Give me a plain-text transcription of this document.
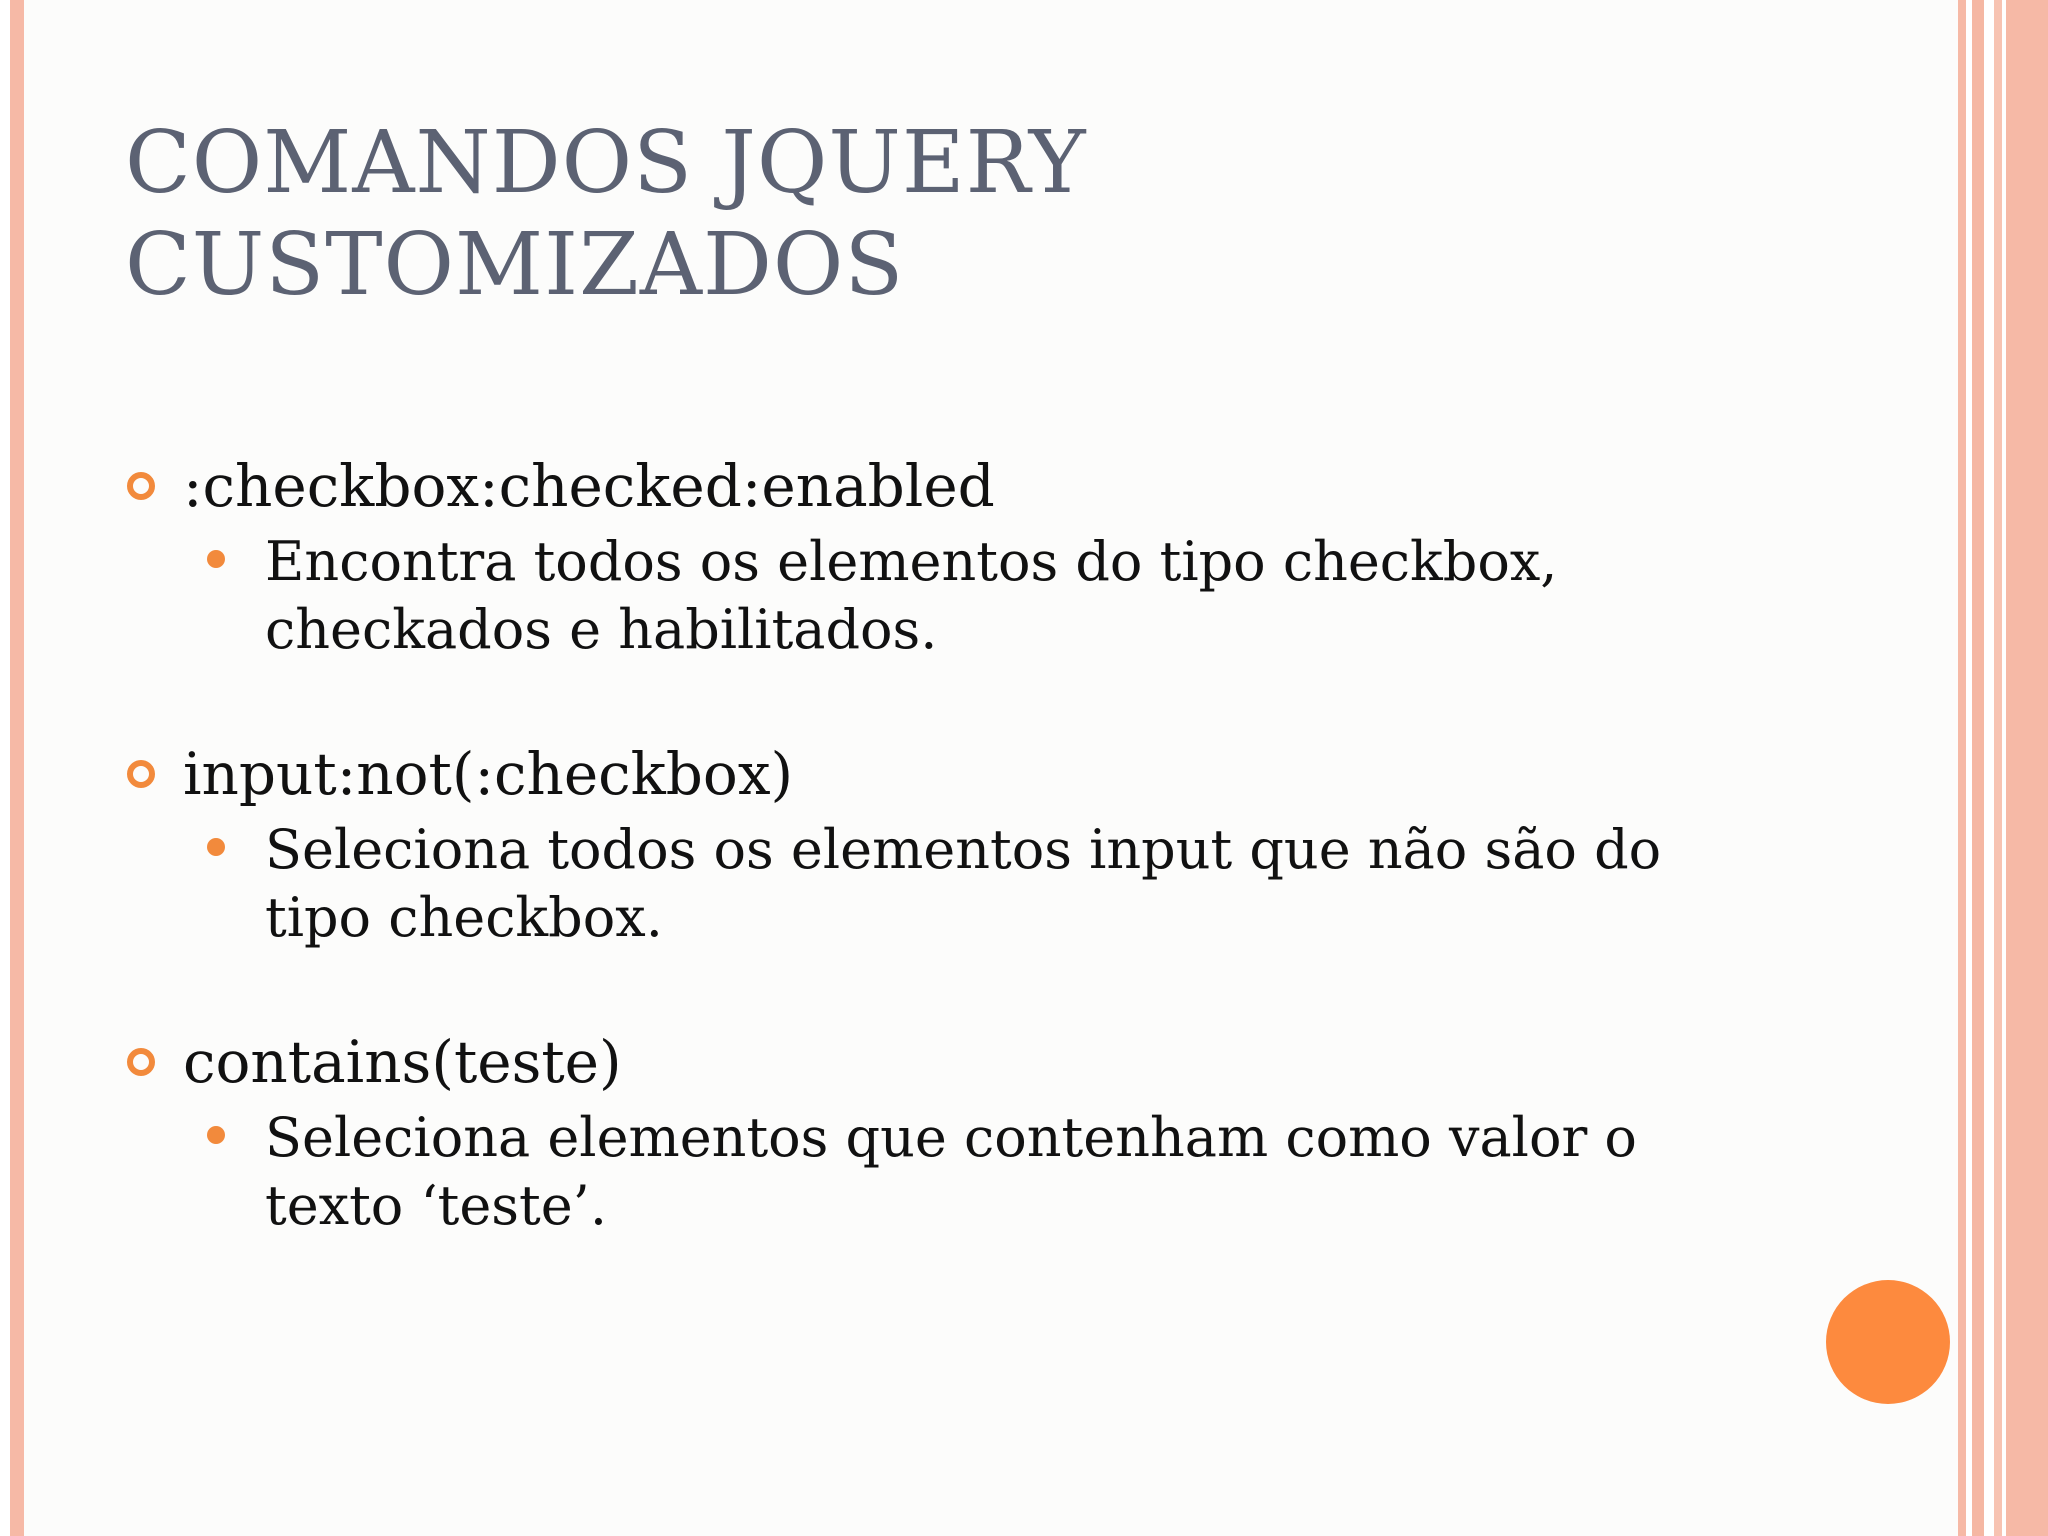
COMANDOS JQUERY
CUSTOMIZADOS
:checkbox:checked:enabled
Encontra todos os elementos do tipo checkbox, checkados e habilitados.
input:not(:checkbox)
Seleciona todos os elementos input que não são do tipo checkbox.
contains(teste)
Seleciona elementos que contenham como valor o texto ‘teste’.
